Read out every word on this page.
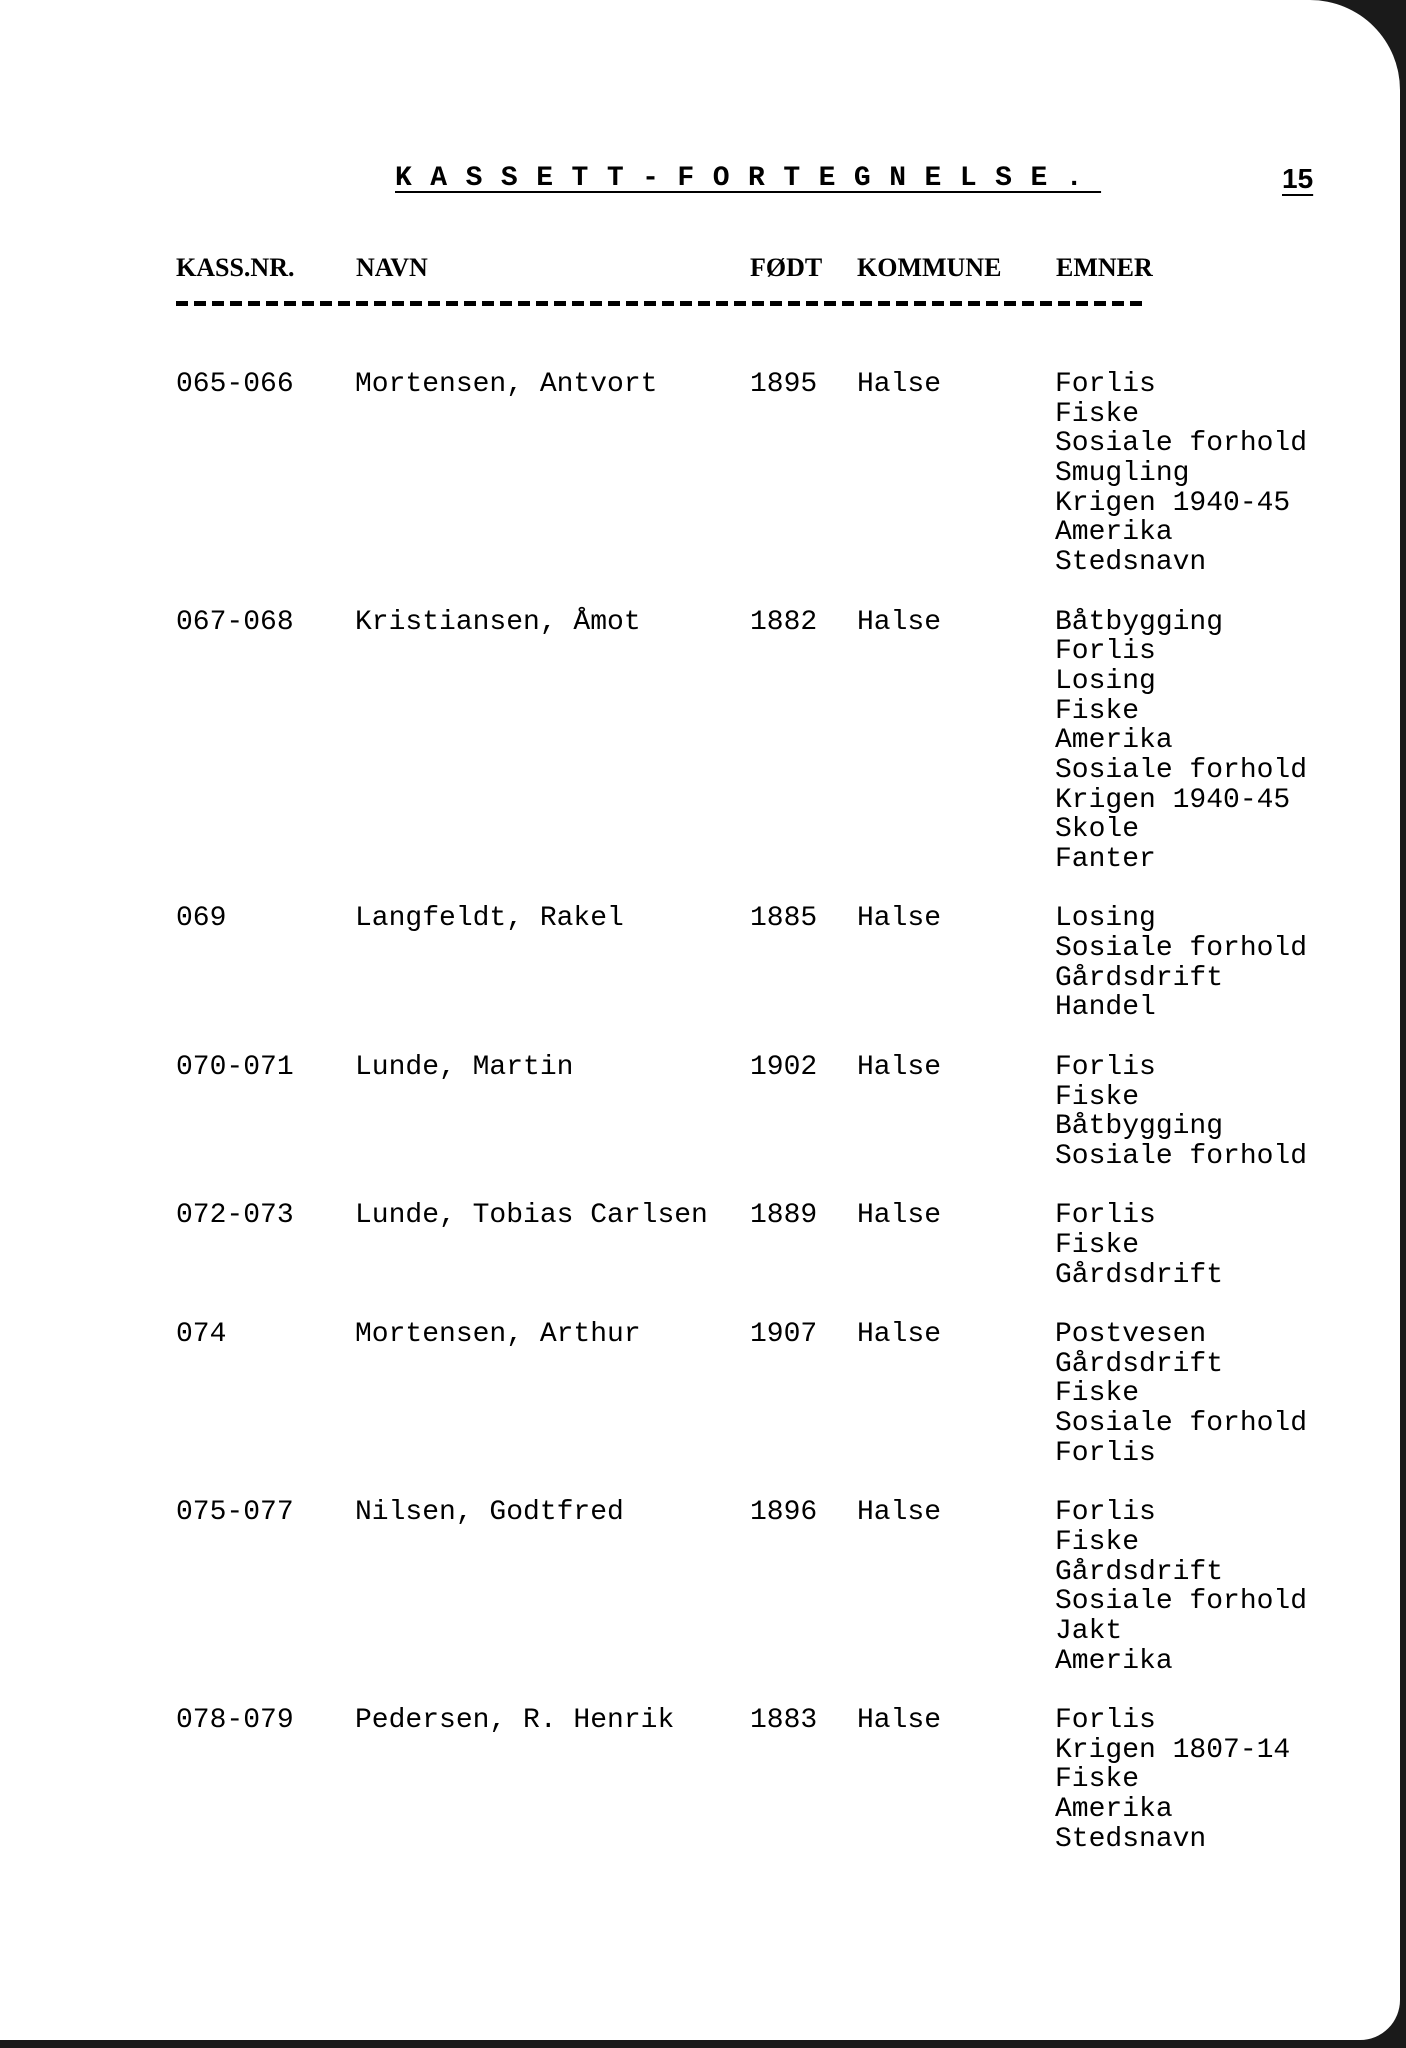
KASSETT-FORTEGNELSE.	15
KASS.NR. NAVN	FØDT KOMMUNE EMNER
065-066 Mortensen, Antvort	1895 Halse	Forlis
Fiske
Sosiale forhold
Smugling
Krigen 1940-45
Amerika
Stedsnavn
067-068 Kristiansen, Åmot	1882 Halse	Båtbygging
Forlis
Losing
Fiske
Amerika
Sosiale forhold
Krigen 1940-45
Skole
Fanter
069	Langfeldt, Rakel	1885 Halse	Losing
Sosiale forhold
Gårdsdrift
Handel
070-071 Lunde, Martin	1902 Halse	Forlis
Fiske
Båtbygging
Sosiale forhold
072-073 Lunde, Tobias Carlsen 1889 Halse	Forlis
Fiske
Gårdsdrift
074	Mortensen, Arthur	1907 Halse	Postvesen
Gårdsdrift
Fiske
Sosiale forhold
Forlis
075-077 Nilsen, Godtfred	1896 Halse	Forlis
Fiske
Gårdsdrift
Sosiale forhold
Jakt
Amerika
078-079 Pedersen, R. Henrik	1883 Halse	Forlis
Krigen 1807-14
Fiske
Amerika
Stedsnavn
